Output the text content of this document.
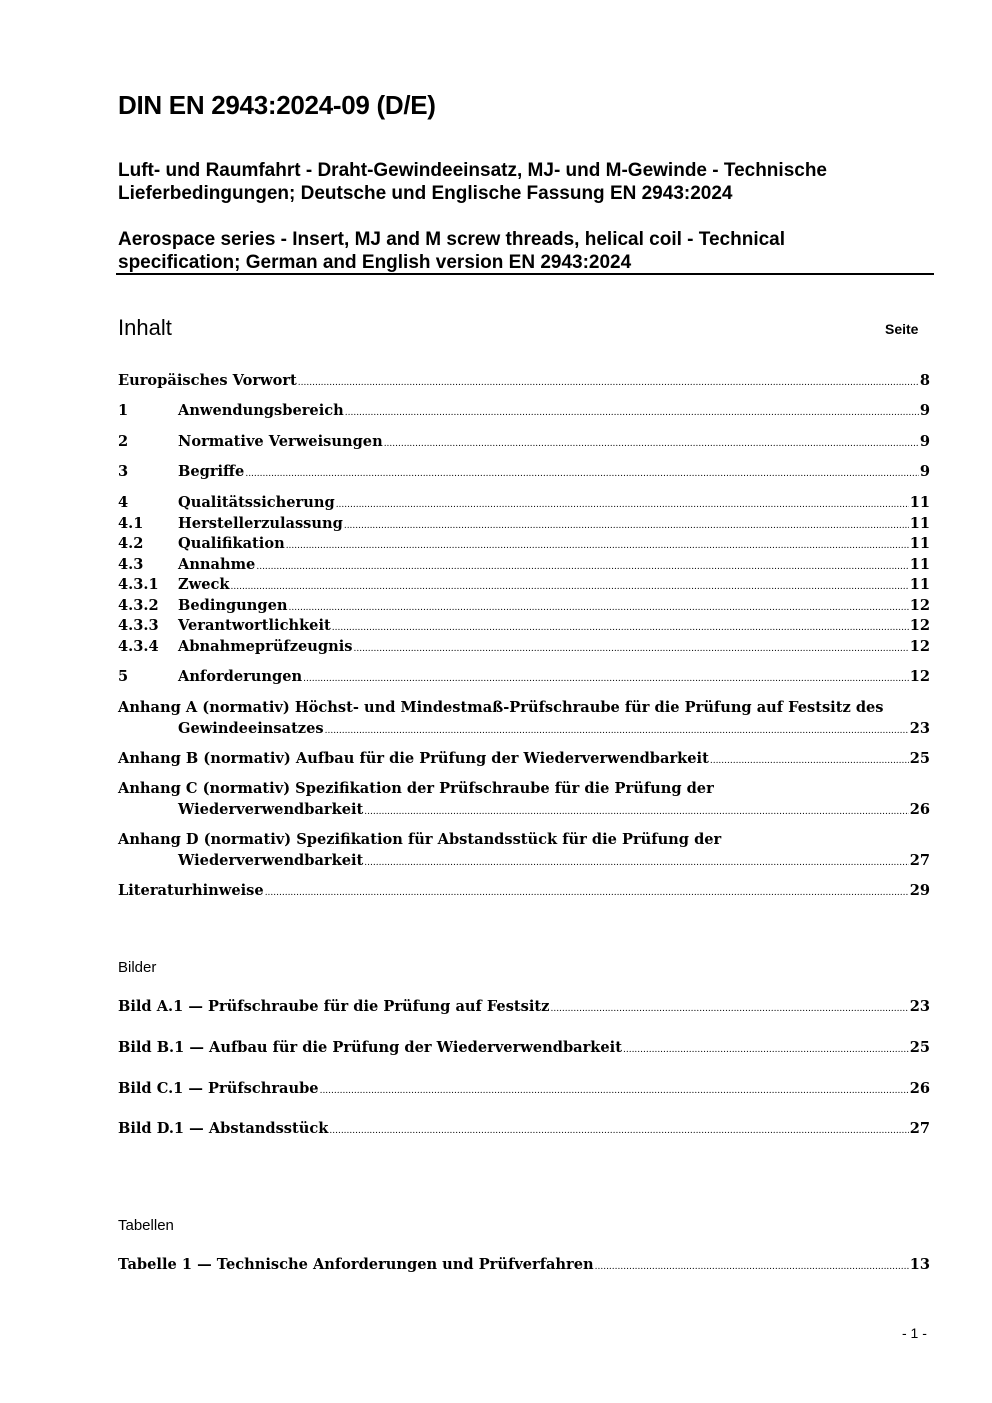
DIN EN 2943:2024-09 (D/E)
Luft- und Raumfahrt - Draht-Gewindeeinsatz, MJ- und M-Gewinde - Technische Lieferbedingungen; Deutsche und Englische Fassung EN 2943:2024
Aerospace series - Insert, MJ and M screw threads, helical coil - Technical specification; German and English version EN 2943:2024
Inhalt	Seite
Europäisches Vorwort .....	8
1	Anwendungsbereich .....	9
2	Normative Verweisungen .....	9
3	Begriffe .....	9
4	Qualitätssicherung .....	11
4.1	Herstellerzulassung .....	11
4.2	Qualifikation .....	11
4.3	Annahme .....	11
4.3.1	Zweck .....	11
4.3.2	Bedingungen .....	12
4.3.3	Verantwortlichkeit .....	12
4.3.4	Abnahmeprüfzeugnis .....	12
5	Anforderungen .....	12
Anhang A (normativ) Höchst- und Mindestmaß-Prüfschraube für die Prüfung auf Festsitz des
Gewindeeinsatzes .....	23
Anhang B (normativ) Aufbau für die Prüfung der Wiederverwendbarkeit .....	25
Anhang C (normativ) Spezifikation der Prüfschraube für die Prüfung der
Wiederverwendbarkeit .....	26
Anhang D (normativ) Spezifikation für Abstandsstück für die Prüfung der
Wiederverwendbarkeit .....	27
Literaturhinweise .....	29
Bilder
Bild A.1 — Prüfschraube für die Prüfung auf Festsitz .....	23
Bild B.1 — Aufbau für die Prüfung der Wiederverwendbarkeit .....	25
Bild C.1 — Prüfschraube .....	26
Bild D.1 — Abstandsstück .....	27
Tabellen
Tabelle 1 — Technische Anforderungen und Prüfverfahren .....	13
- 1 -
